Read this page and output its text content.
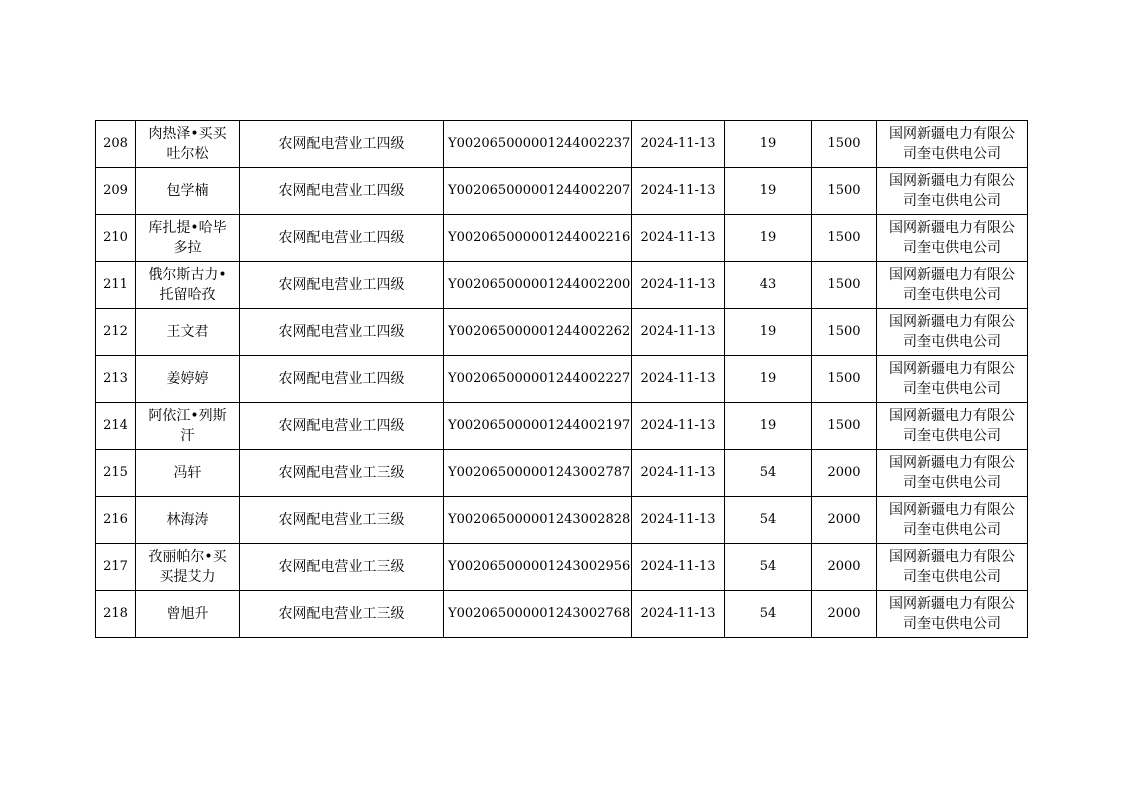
208	肉热泽•买买吐尔松	农网配电营业工四级	Y002065000001244002237	2024-11-13	19	1500	国网新疆电力有限公司奎屯供电公司
209	包学楠	农网配电营业工四级	Y002065000001244002207	2024-11-13	19	1500	国网新疆电力有限公司奎屯供电公司
210	库扎提•哈毕多拉	农网配电营业工四级	Y002065000001244002216	2024-11-13	19	1500	国网新疆电力有限公司奎屯供电公司
211	俄尔斯古力•托留哈孜	农网配电营业工四级	Y002065000001244002200	2024-11-13	43	1500	国网新疆电力有限公司奎屯供电公司
212	王文君	农网配电营业工四级	Y002065000001244002262	2024-11-13	19	1500	国网新疆电力有限公司奎屯供电公司
213	姜婷婷	农网配电营业工四级	Y002065000001244002227	2024-11-13	19	1500	国网新疆电力有限公司奎屯供电公司
214	阿依江•列斯汗	农网配电营业工四级	Y002065000001244002197	2024-11-13	19	1500	国网新疆电力有限公司奎屯供电公司
215	冯轩	农网配电营业工三级	Y002065000001243002787	2024-11-13	54	2000	国网新疆电力有限公司奎屯供电公司
216	林海涛	农网配电营业工三级	Y002065000001243002828	2024-11-13	54	2000	国网新疆电力有限公司奎屯供电公司
217	孜丽帕尔•买买提艾力	农网配电营业工三级	Y002065000001243002956	2024-11-13	54	2000	国网新疆电力有限公司奎屯供电公司
218	曾旭升	农网配电营业工三级	Y002065000001243002768	2024-11-13	54	2000	国网新疆电力有限公司奎屯供电公司
